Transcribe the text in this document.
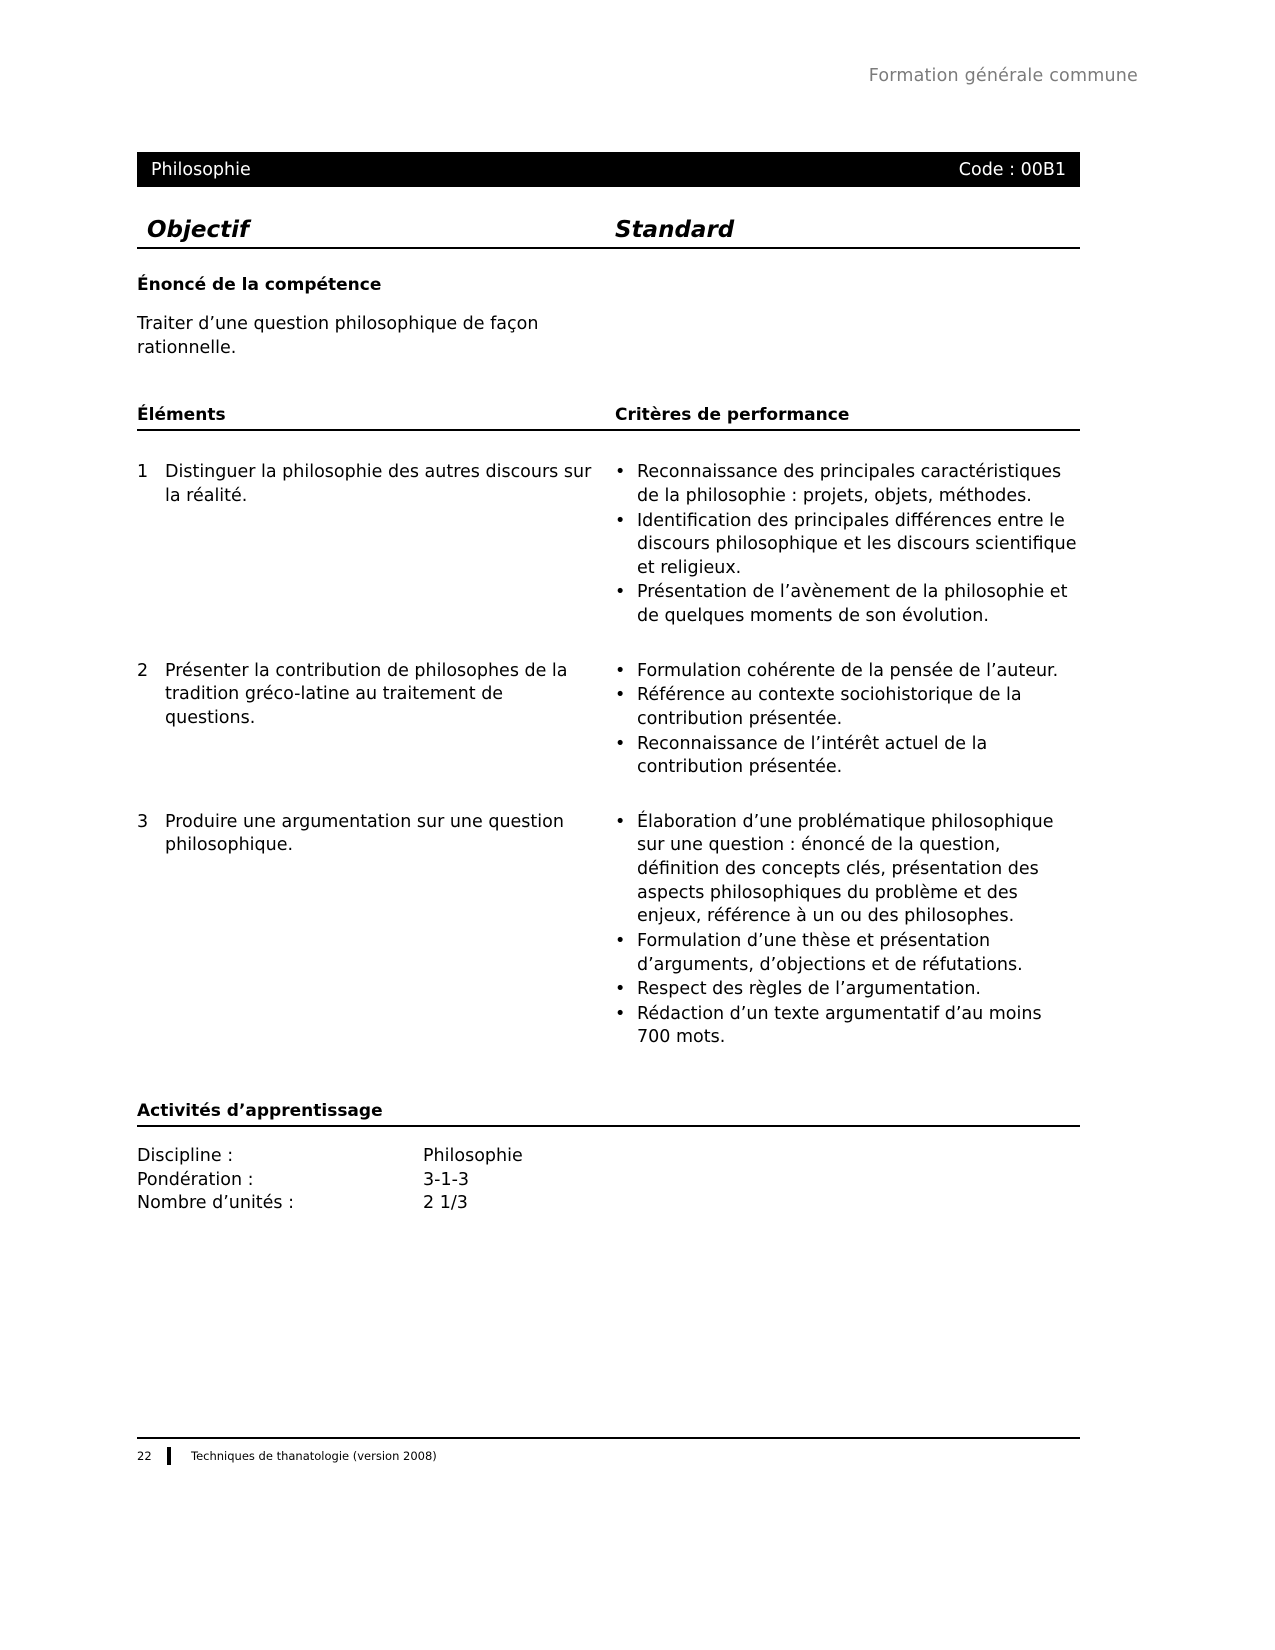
Formation générale commune
Philosophie	Code : 00B1
Objectif	Standard
Énoncé de la compétence
Traiter d’une question philosophique de façon rationnelle.
Éléments	Critères de performance
1 Distinguer la philosophie des autres discours sur la réalité.
• Reconnaissance des principales caractéristiques de la philosophie : projets, objets, méthodes.
• Identification des principales différences entre le discours philosophique et les discours scientifique et religieux.
• Présentation de l’avènement de la philosophie et de quelques moments de son évolution.
2 Présenter la contribution de philosophes de la tradition gréco-latine au traitement de questions.
• Formulation cohérente de la pensée de l’auteur.
• Référence au contexte sociohistorique de la contribution présentée.
• Reconnaissance de l’intérêt actuel de la contribution présentée.
3 Produire une argumentation sur une question philosophique.
• Élaboration d’une problématique philosophique sur une question : énoncé de la question, définition des concepts clés, présentation des aspects philosophiques du problème et des enjeux, référence à un ou des philosophes.
• Formulation d’une thèse et présentation d’arguments, d’objections et de réfutations.
• Respect des règles de l’argumentation.
• Rédaction d’un texte argumentatif d’au moins 700 mots.
Activités d’apprentissage
Discipline :	Philosophie
Pondération :	3-1-3
Nombre d’unités :	2 1/3
22	Techniques de thanatologie (version 2008)
